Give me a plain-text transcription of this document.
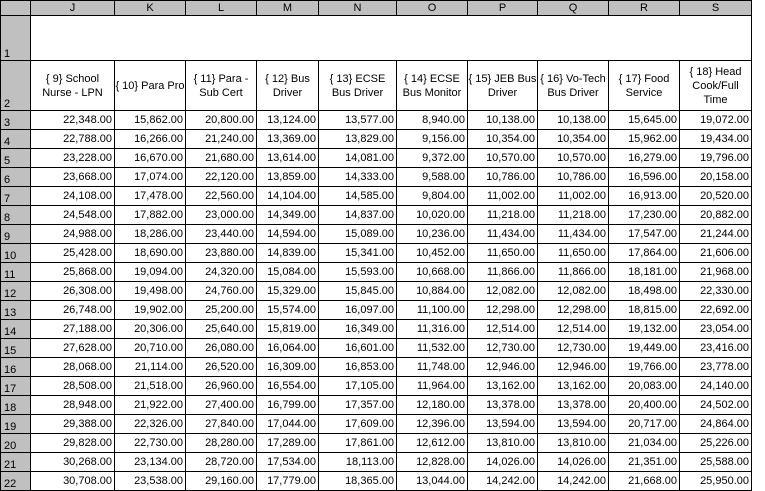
	J	K	L	M	N	O	P	Q	R	S
1										
2	{ 9} School Nurse - LPN	{ 10} Para Pro	{ 11} Para - Sub Cert	{ 12} Bus Driver	{ 13} ECSE Bus Driver	{ 14} ECSE Bus Monitor	{ 15} JEB Bus Driver	{ 16} Vo-Tech Bus Driver	{ 17} Food Service	{ 18} Head Cook/Full Time
3	22,348.00	15,862.00	20,800.00	13,124.00	13,577.00	8,940.00	10,138.00	10,138.00	15,645.00	19,072.00
4	22,788.00	16,266.00	21,240.00	13,369.00	13,829.00	9,156.00	10,354.00	10,354.00	15,962.00	19,434.00
5	23,228.00	16,670.00	21,680.00	13,614.00	14,081.00	9,372.00	10,570.00	10,570.00	16,279.00	19,796.00
6	23,668.00	17,074.00	22,120.00	13,859.00	14,333.00	9,588.00	10,786.00	10,786.00	16,596.00	20,158.00
7	24,108.00	17,478.00	22,560.00	14,104.00	14,585.00	9,804.00	11,002.00	11,002.00	16,913.00	20,520.00
8	24,548.00	17,882.00	23,000.00	14,349.00	14,837.00	10,020.00	11,218.00	11,218.00	17,230.00	20,882.00
9	24,988.00	18,286.00	23,440.00	14,594.00	15,089.00	10,236.00	11,434.00	11,434.00	17,547.00	21,244.00
10	25,428.00	18,690.00	23,880.00	14,839.00	15,341.00	10,452.00	11,650.00	11,650.00	17,864.00	21,606.00
11	25,868.00	19,094.00	24,320.00	15,084.00	15,593.00	10,668.00	11,866.00	11,866.00	18,181.00	21,968.00
12	26,308.00	19,498.00	24,760.00	15,329.00	15,845.00	10,884.00	12,082.00	12,082.00	18,498.00	22,330.00
13	26,748.00	19,902.00	25,200.00	15,574.00	16,097.00	11,100.00	12,298.00	12,298.00	18,815.00	22,692.00
14	27,188.00	20,306.00	25,640.00	15,819.00	16,349.00	11,316.00	12,514.00	12,514.00	19,132.00	23,054.00
15	27,628.00	20,710.00	26,080.00	16,064.00	16,601.00	11,532.00	12,730.00	12,730.00	19,449.00	23,416.00
16	28,068.00	21,114.00	26,520.00	16,309.00	16,853.00	11,748.00	12,946.00	12,946.00	19,766.00	23,778.00
17	28,508.00	21,518.00	26,960.00	16,554.00	17,105.00	11,964.00	13,162.00	13,162.00	20,083.00	24,140.00
18	28,948.00	21,922.00	27,400.00	16,799.00	17,357.00	12,180.00	13,378.00	13,378.00	20,400.00	24,502.00
19	29,388.00	22,326.00	27,840.00	17,044.00	17,609.00	12,396.00	13,594.00	13,594.00	20,717.00	24,864.00
20	29,828.00	22,730.00	28,280.00	17,289.00	17,861.00	12,612.00	13,810.00	13,810.00	21,034.00	25,226.00
21	30,268.00	23,134.00	28,720.00	17,534.00	18,113.00	12,828.00	14,026.00	14,026.00	21,351.00	25,588.00
22	30,708.00	23,538.00	29,160.00	17,779.00	18,365.00	13,044.00	14,242.00	14,242.00	21,668.00	25,950.00
